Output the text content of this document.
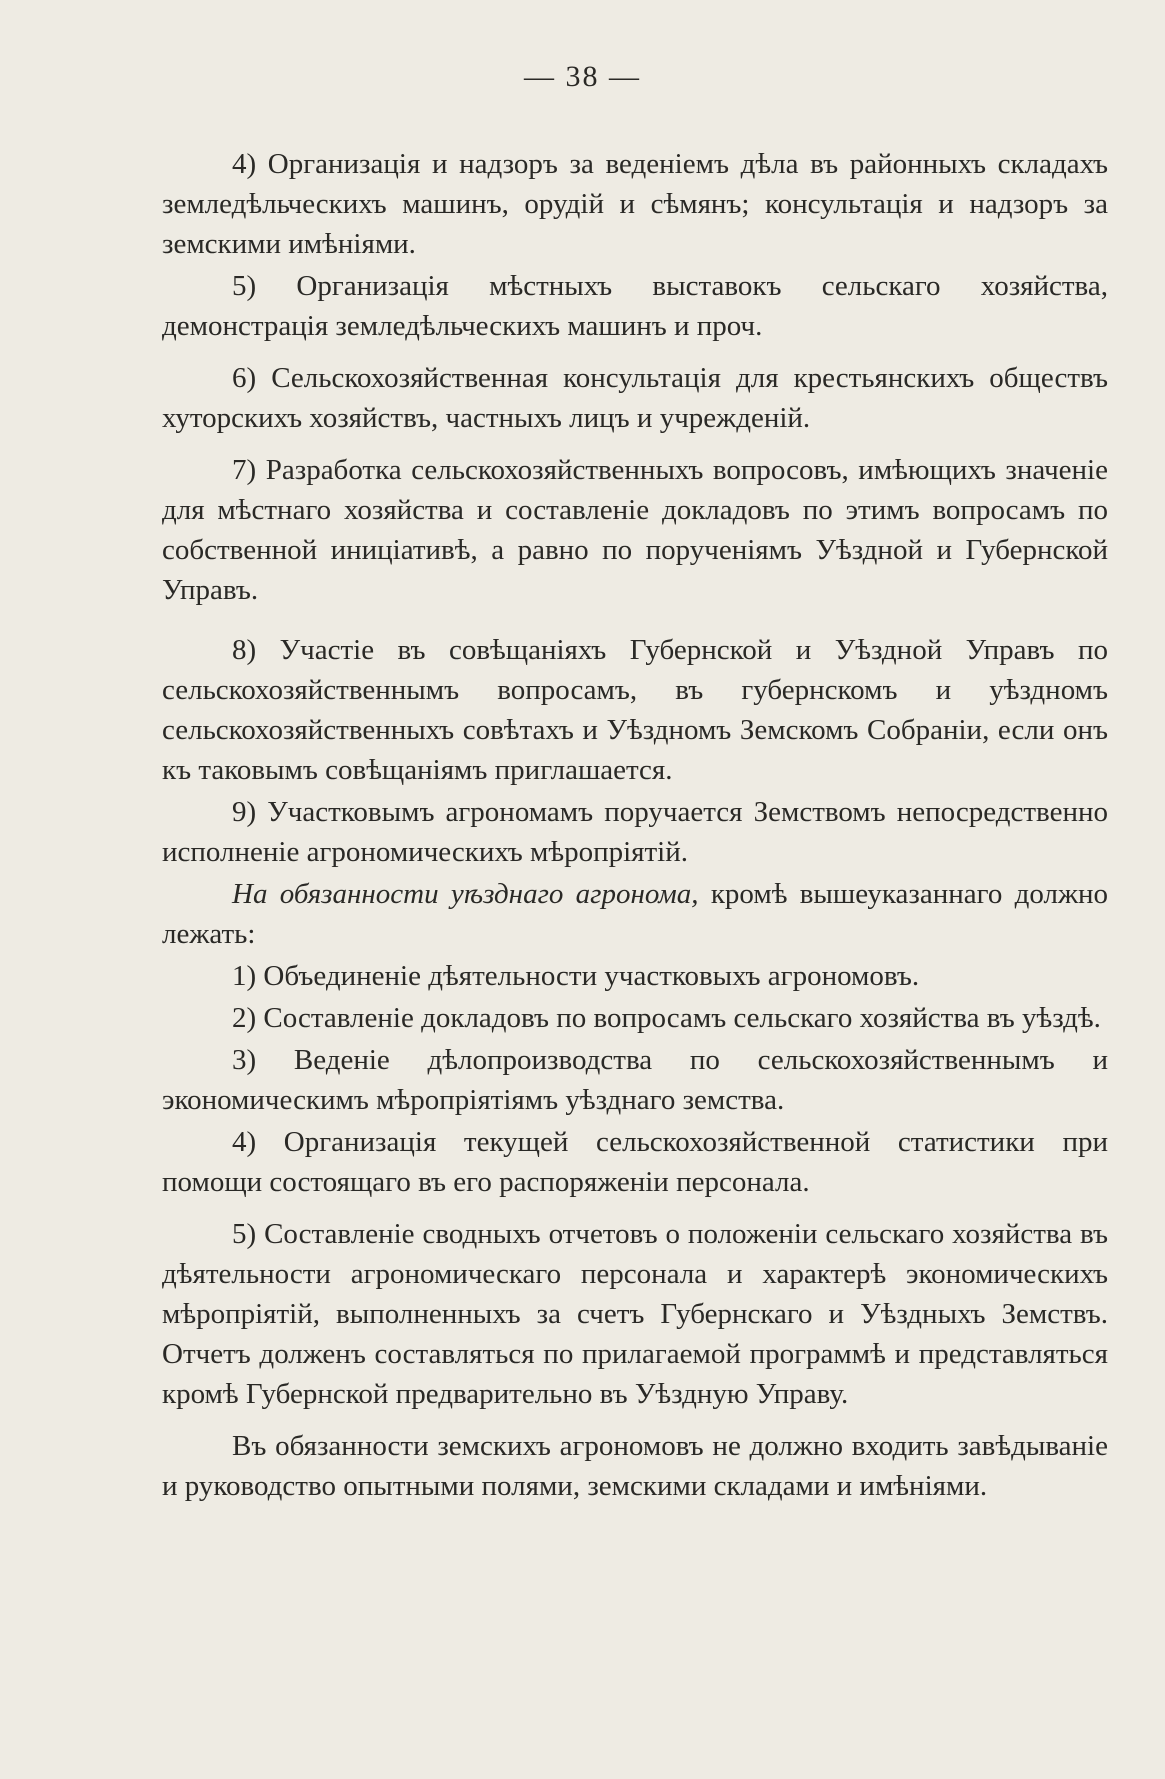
— 38 —

4) Организація и надзоръ за веденіемъ дѣла въ районныхъ складахъ земледѣльческихъ машинъ, орудій и сѣмянъ; консультація и надзоръ за земскими имѣніями.

5) Организація мѣстныхъ выставокъ сельскаго хозяйства, демонстрація земледѣльческихъ машинъ и проч.

6) Сельскохозяйственная консультація для крестьянскихъ обществъ хуторскихъ хозяйствъ, частныхъ лицъ и учрежденій.

7) Разработка сельскохозяйственныхъ вопросовъ, имѣющихъ значеніе для мѣстнаго хозяйства и составленіе докладовъ по этимъ вопросамъ по собственной иниціативѣ, а равно по порученіямъ Уѣздной и Губернской Управъ.

8) Участіе въ совѣщаніяхъ Губернской и Уѣздной Управъ по сельскохозяйственнымъ вопросамъ, въ губернскомъ и уѣздномъ сельскохозяйственныхъ совѣтахъ и Уѣздномъ Земскомъ Собраніи, если онъ къ таковымъ совѣщаніямъ приглашается.

9) Участковымъ агрономамъ поручается Земствомъ непосредственно исполненіе агрономическихъ мѣропріятій.

На обязанности уѣзднаго агронома, кромѣ вышеуказаннаго должно лежать:

1) Объединеніе дѣятельности участковыхъ агрономовъ.

2) Составленіе докладовъ по вопросамъ сельскаго хозяйства въ уѣздѣ.

3) Веденіе дѣлопроизводства по сельскохозяйственнымъ и экономическимъ мѣропріятіямъ уѣзднаго земства.

4) Организація текущей сельскохозяйственной статистики при помощи состоящаго въ его распоряженіи персонала.

5) Составленіе сводныхъ отчетовъ о положеніи сельскаго хозяйства въ дѣятельности агрономическаго персонала и характерѣ экономическихъ мѣропріятій, выполненныхъ за счетъ Губернскаго и Уѣздныхъ Земствъ. Отчетъ долженъ составляться по прилагаемой программѣ и представляться кромѣ Губернской предварительно въ Уѣздную Управу.

Въ обязанности земскихъ агрономовъ не должно входить завѣдываніе и руководство опытными полями, земскими складами и имѣніями.
